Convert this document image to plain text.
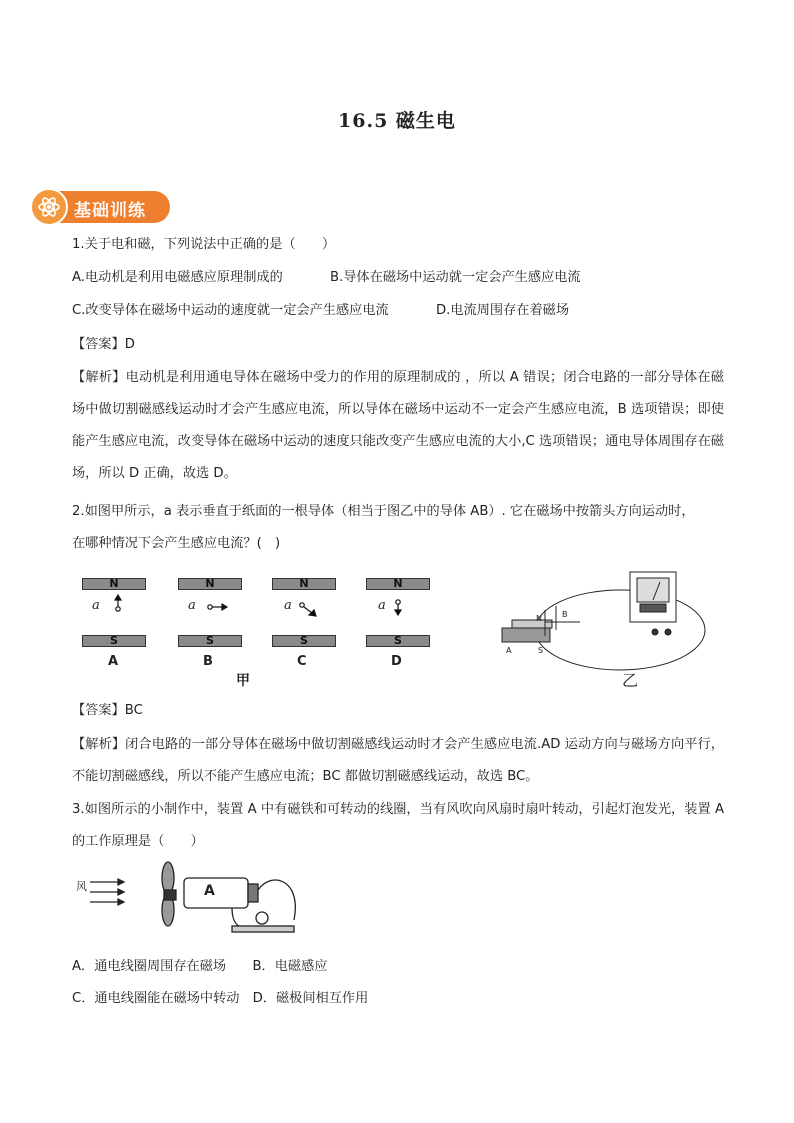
16.5 磁生电
基础训练
1.关于电和磁，下列说法中正确的是（　　）
A.电动机是利用电磁感应原理制成的	B.导体在磁场中运动就一定会产生感应电流
C.改变导体在磁场中运动的速度就一定会产生感应电流	D.电流周围存在着磁场
【答案】D
【解析】电动机是利用通电导体在磁场中受力的作用的原理制成的 ，所以 A 错误；闭合电路的一部分导体在磁场中做切割磁感线运动时才会产生感应电流，所以导体在磁场中运动不一定会产生感应电流，B 选项错误；即使能产生感应电流，改变导体在磁场中运动的速度只能改变产生感应电流的大小,C 选项错误；通电导体周围存在磁场，所以 D 正确，故选 D。
2.如图甲所示，a 表示垂直于纸面的一根导体（相当于图乙中的导体 AB）. 它在磁场中按箭头方向运动时，
在哪种情况下会产生感应电流？(　)
N
S
N
S
N
S
N
S
a	a	a	a
A	B	C	D
N	B
A	S
甲	乙
【答案】BC
【解析】闭合电路的一部分导体在磁场中做切割磁感线运动时才会产生感应电流.AD 运动方向与磁场方向平行，不能切割磁感线，所以不能产生感应电流；BC 都做切割磁感线运动，故选 BC。
3.如图所示的小制作中，装置 A 中有磁铁和可转动的线圈，当有风吹向风扇时扇叶转动，引起灯泡发光，装置 A 的工作原理是（　　）
风	A
A．通电线圈周围存在磁场　　B．电磁感应
C．通电线圈能在磁场中转动　D．磁极间相互作用
